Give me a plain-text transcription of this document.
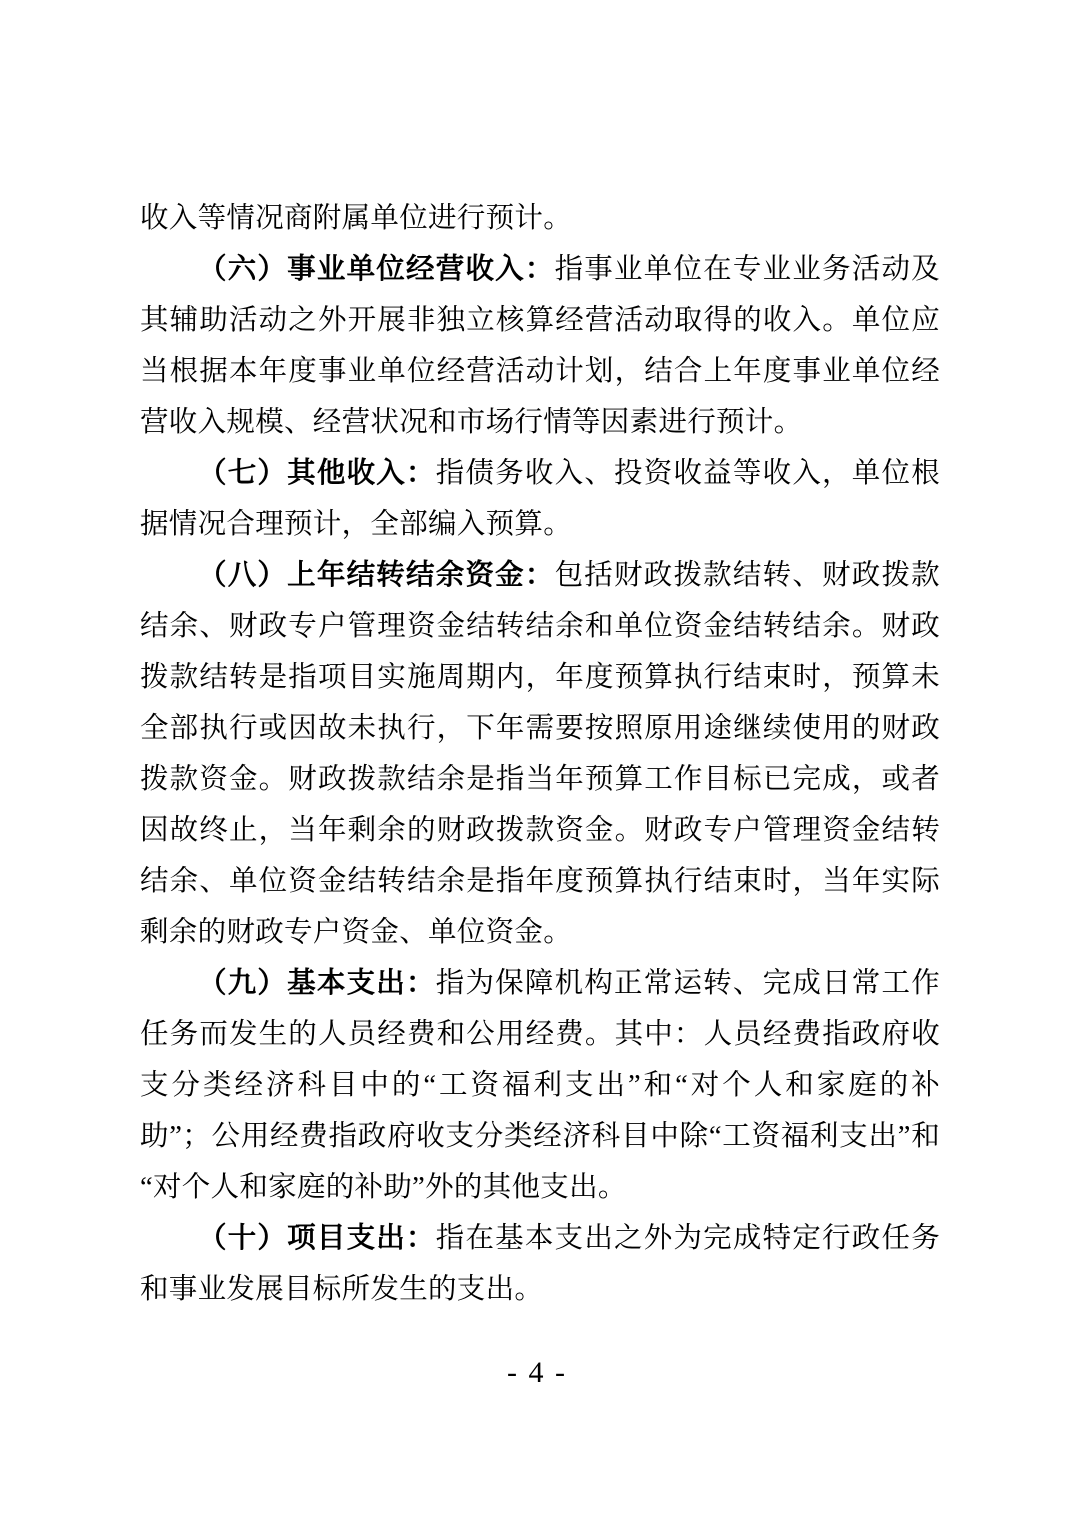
收入等情况商附属单位进行预计。

（六）事业单位经营收入：指事业单位在专业业务活动及其辅助活动之外开展非独立核算经营活动取得的收入。单位应当根据本年度事业单位经营活动计划，结合上年度事业单位经营收入规模、经营状况和市场行情等因素进行预计。

（七）其他收入：指债务收入、投资收益等收入，单位根据情况合理预计，全部编入预算。

（八）上年结转结余资金：包括财政拨款结转、财政拨款结余、财政专户管理资金结转结余和单位资金结转结余。财政拨款结转是指项目实施周期内，年度预算执行结束时，预算未全部执行或因故未执行，下年需要按照原用途继续使用的财政拨款资金。财政拨款结余是指当年预算工作目标已完成，或者因故终止，当年剩余的财政拨款资金。财政专户管理资金结转结余、单位资金结转结余是指年度预算执行结束时，当年实际剩余的财政专户资金、单位资金。

（九）基本支出：指为保障机构正常运转、完成日常工作任务而发生的人员经费和公用经费。其中：人员经费指政府收支分类经济科目中的“工资福利支出”和“对个人和家庭的补助”；公用经费指政府收支分类经济科目中除“工资福利支出”和“对个人和家庭的补助”外的其他支出。

（十）项目支出：指在基本支出之外为完成特定行政任务和事业发展目标所发生的支出。

- 4 -
